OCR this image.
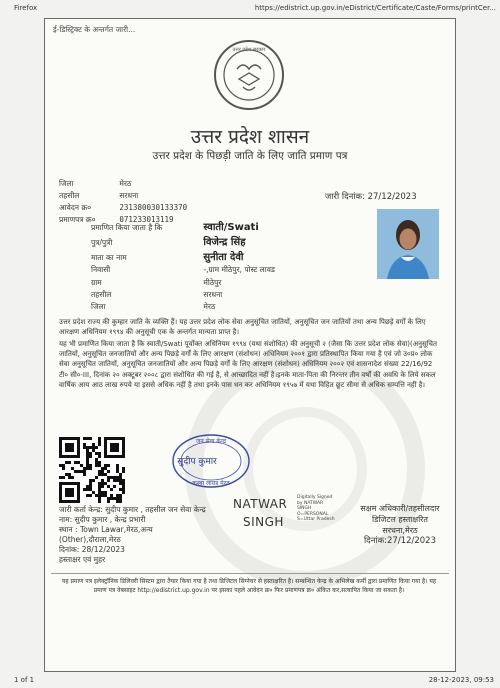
Firefox	https://edistrict.up.gov.in/eDistrict/Certificate/Caste/Forms/printCer...
ई-डिस्ट्रिक्ट के अन्तर्गत जारी...
उत्तर प्रदेश सरकार
उत्तर प्रदेश शासन
उत्तर प्रदेश के पिछड़ी जाति के लिए जाति प्रमाण पत्र
जिला	मेरठ
तहसील	सरधना
आवेदन क्र०	231380030133370
प्रमाणपत्र क्र०	071233013119
जारी दिनांक: 27/12/2023
प्रमाणित किया जाता है कि	स्वाती/Swati
पुत्र/पुत्री	विजेन्द्र सिंह
माता का नाम	सुनीता देवी
निवासी	-,ग्राम मीठेपुर, पोस्ट लावड
ग्राम	मीठेपुर
तहसील	सरधना
जिला	मेरठ
उत्तर प्रदेश राज्य की कुम्हार जाति के व्यक्ति हैं। यह उत्तर प्रदेश लोक सेवा अनुसूचित जातियों, अनुसूचित जन जातियों तथा अन्य पिछड़े वर्गों के लिए आरक्षण अधिनियम १९९४ की अनुसूची एक के अन्तर्गत मान्यता प्राप्त है।
यह भी प्रमाणित किया जाता है कि स्वाती/Swati पूर्वोक्त अधिनियम १९९४ (यथा संशोधित) की अनुसूची २ (जैसा कि उत्तर प्रदेश लोक सेवा)(अनुसूचित जातियों, अनुसूचित जनजातियों और अन्य पिछड़े वर्गों के लिए आरक्षण (संशोधन) अधिनियम २००१ द्वारा प्रतिस्थापित किया गया है एवं जो उ०प्र० लोक सेवा अनुसूचित जातियों, अनुसूचित जनजातियों और अन्य पिछड़े वर्गों के लिए आरक्षण (संशोधन) अधिनियम २००२ एवं शासनादेश संख्या 22/16/92 टी० सी०-III, दिनांक २० अक्टूबर २००८ द्वारा संशोधित की गई है, से आच्छादित नहीं है।इनके माता-पिता की निरन्तर तीन वर्षों की अवधि के लिये सकल वार्षिक आय आठ लाख रुपये या इससे अधिक नहीं है तथा इनके पास धन कर अधिनियम १९५७ में यथा विहित छूट सीमा से अधिक सम्पत्ति नहीं है।
जन सेवा केन्द्र
सुदीप कुमार
कस्बा लावड मेरठ
जारी कर्ता केन्द्र: सुदीप कुमार , तहसील जन सेवा केन्द्र
नाम: सुदीप कुमार , केन्द्र प्रभारी
स्थान : Town Lawar,मेरठ,अन्य
(Other),दौराला,मेरठ
दिनांक: 28/12/2023
हस्ताक्षर एवं मुहर
NATWAR
SINGH
Digitally Signed by NATWAR SINGH O=PERSONAL S=Uttar Pradesh
सक्षम अधिकारी/तहसीलदार
डिजिटल हस्ताक्षरित
सरधना,मेरठ
दिनांक:27/12/2023
यह प्रमाण पत्र इलेक्ट्रॉनिक डिलिवरी सिस्टम द्वारा तैयार किया गया है तथा डिजिटल सिग्नेचर से हस्ताक्षरित है। सम्बन्धित केन्द्र के अभिलेख कर्मी द्वारा प्रमाणित किया गया है। यह प्रमाण पत्र वेबसाइट http://edistrict.up.gov.in पर इसका पहले आवेदन क्र० फिर प्रमाणपत्र क्र० अंकित कर,सत्यापित किया जा सकता है।
1 of 1	28-12-2023, 09:53
